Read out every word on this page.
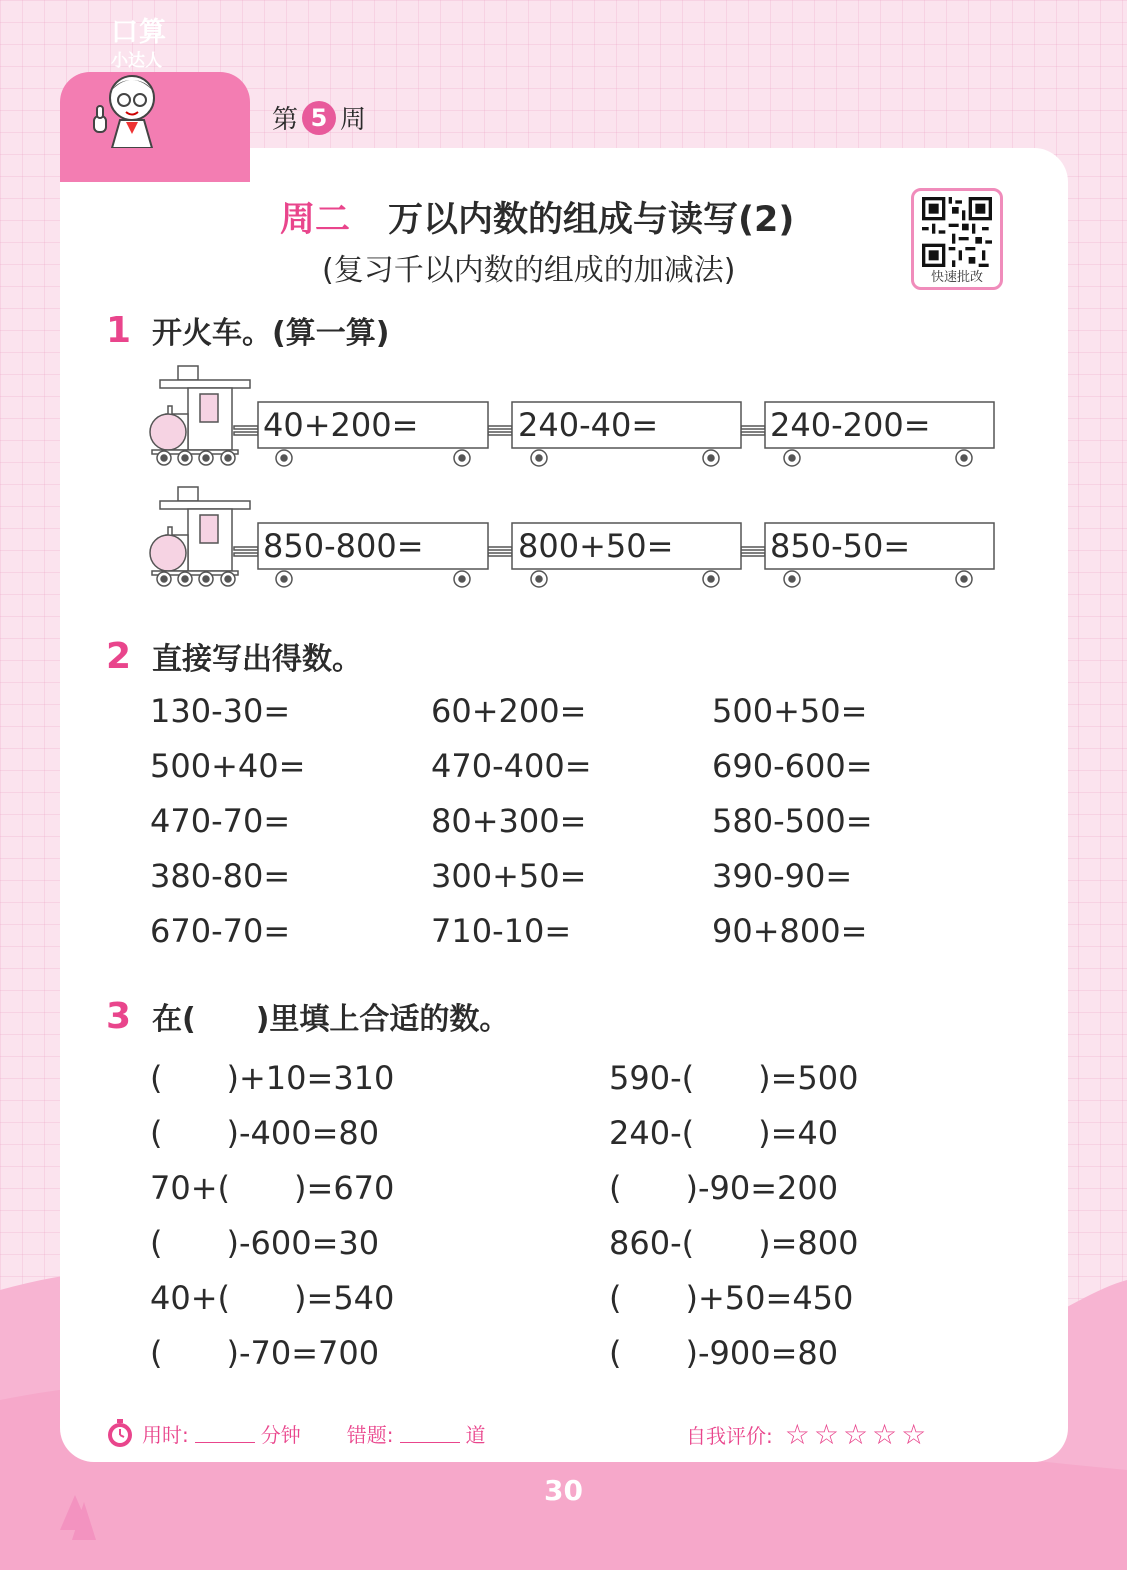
口算
小达人
第 5 周
周二 万以内数的组成与读写(2)
(复习千以内数的组成的加减法)	快速批改
1 开火车。(算一算)
40+200=	240-40=	240-200=
850-800=	800+50=	850-50=
2 直接写出得数。
130-30=	60+200=	500+50=
500+40=	470-400=	690-600=
470-70=	80+300=	580-500=
380-80=	300+50=	390-90=
670-70=	710-10=	90+800=
3 在(　　)里填上合适的数。
(　　)+10=310	590-(　　)=500
(　　)-400=80	240-(　　)=40
70+(　　)=670	(　　)-90=200
(　　)-600=30	860-(　　)=800
40+(　　)=540	(　　)+50=450
(　　)-70=700	(　　)-900=80
用时:	分钟 错题:	道	自我评价: ☆☆☆☆☆
30
